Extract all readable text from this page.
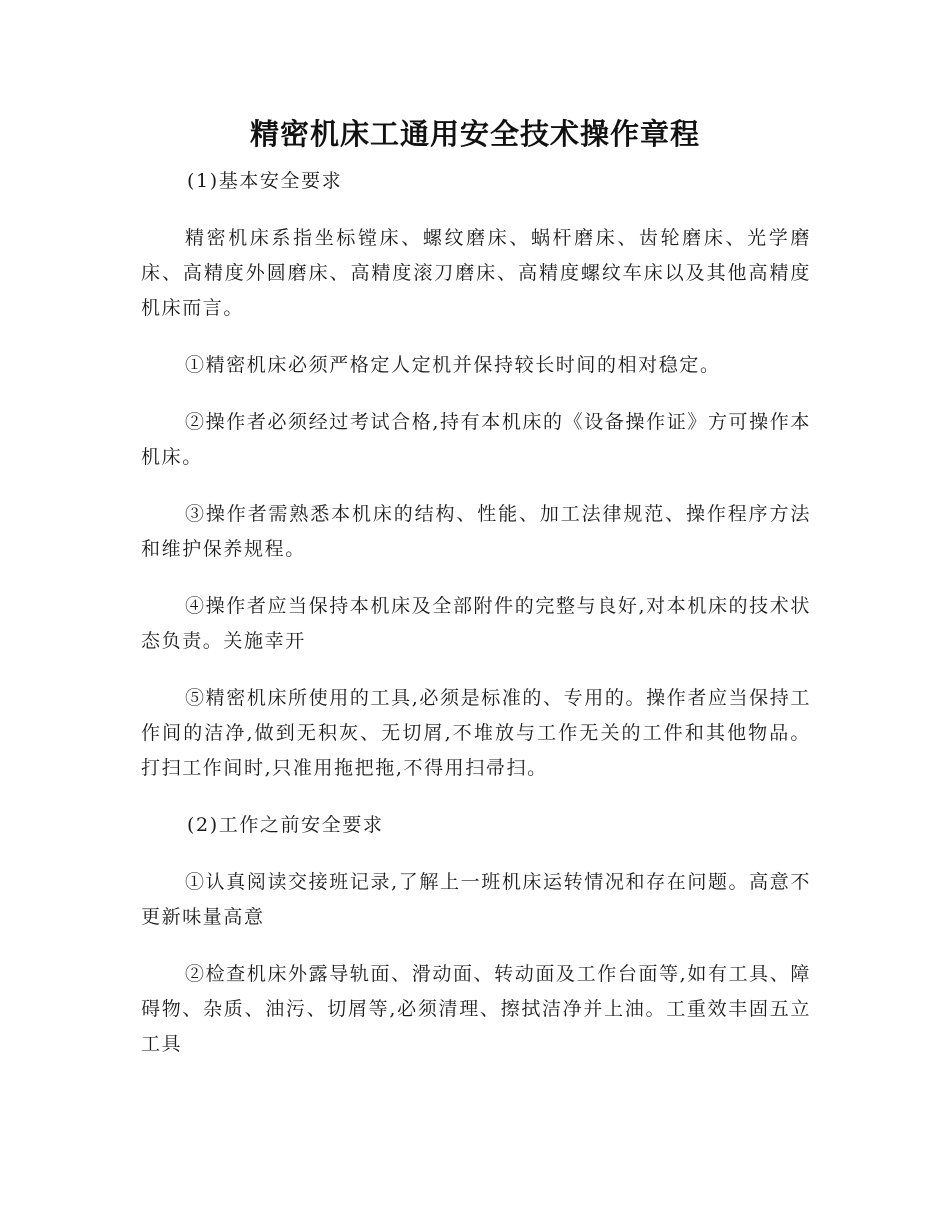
精密机床工通用安全技术操作章程

(1)基本安全要求

精密机床系指坐标镗床、螺纹磨床、蜗杆磨床、齿轮磨床、光学磨床、高精度外圆磨床、高精度滚刀磨床、高精度螺纹车床以及其他高精度机床而言。

①精密机床必须严格定人定机并保持较长时间的相对稳定。

②操作者必须经过考试合格,持有本机床的《设备操作证》方可操作本机床。

③操作者需熟悉本机床的结构、性能、加工法律规范、操作程序方法和维护保养规程。

④操作者应当保持本机床及全部附件的完整与良好,对本机床的技术状态负责。关施幸开

⑤精密机床所使用的工具,必须是标准的、专用的。操作者应当保持工作间的洁净,做到无积灰、无切屑,不堆放与工作无关的工件和其他物品。打扫工作间时,只准用拖把拖,不得用扫帚扫。

(2)工作之前安全要求

①认真阅读交接班记录,了解上一班机床运转情况和存在问题。高意不更新味量高意

②检查机床外露导轨面、滑动面、转动面及工作台面等,如有工具、障碍物、杂质、油污、切屑等,必须清理、擦拭洁净并上油。工重效丰固五立工具
